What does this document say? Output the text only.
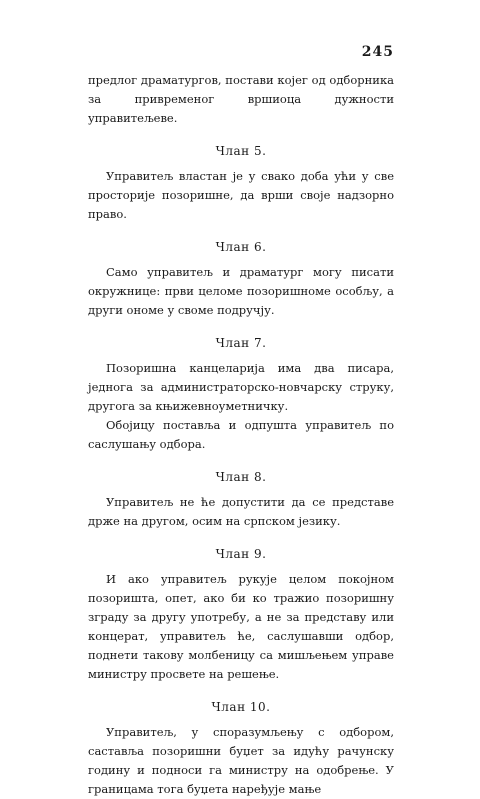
245

предлог драматургов, постави којег од одборника за привременог вршиоца дужности управитељеве.

Члан 5.

Управитељ властан је у свако доба ући у све просторије позоришне, да врши своје надзорно право.

Члан 6.

Само управитељ и драматург могу писати окружнице: први целоме позоришноме особљу, а други ономе у своме подручју.

Члан 7.

Позоришна канцеларија има два писара, једнога за администраторско-новчарску струку, другога за књижевноуметничку.

Обојицу поставља и одпушта управитељ по саслушању одбора.

Члан 8.

Управитељ не ће допустити да се представе држе на другом, осим на српском језику.

Члан 9.

И ако управитељ рукује целом покојном позоришта, опет, ако би ко тражио позоришну зграду за другу употребу, а не за представу или концерат, управитељ ће, саслушавши одбор, поднети такову молбеницу са мишљењем управе министру просвете на решење.

Члан 10.

Управитељ, у споразумљењу с одбором, саставља позоришни буџет за идућу рачунску годину и подноси га министру на одобрење. У границама тога буџета наређује мање
